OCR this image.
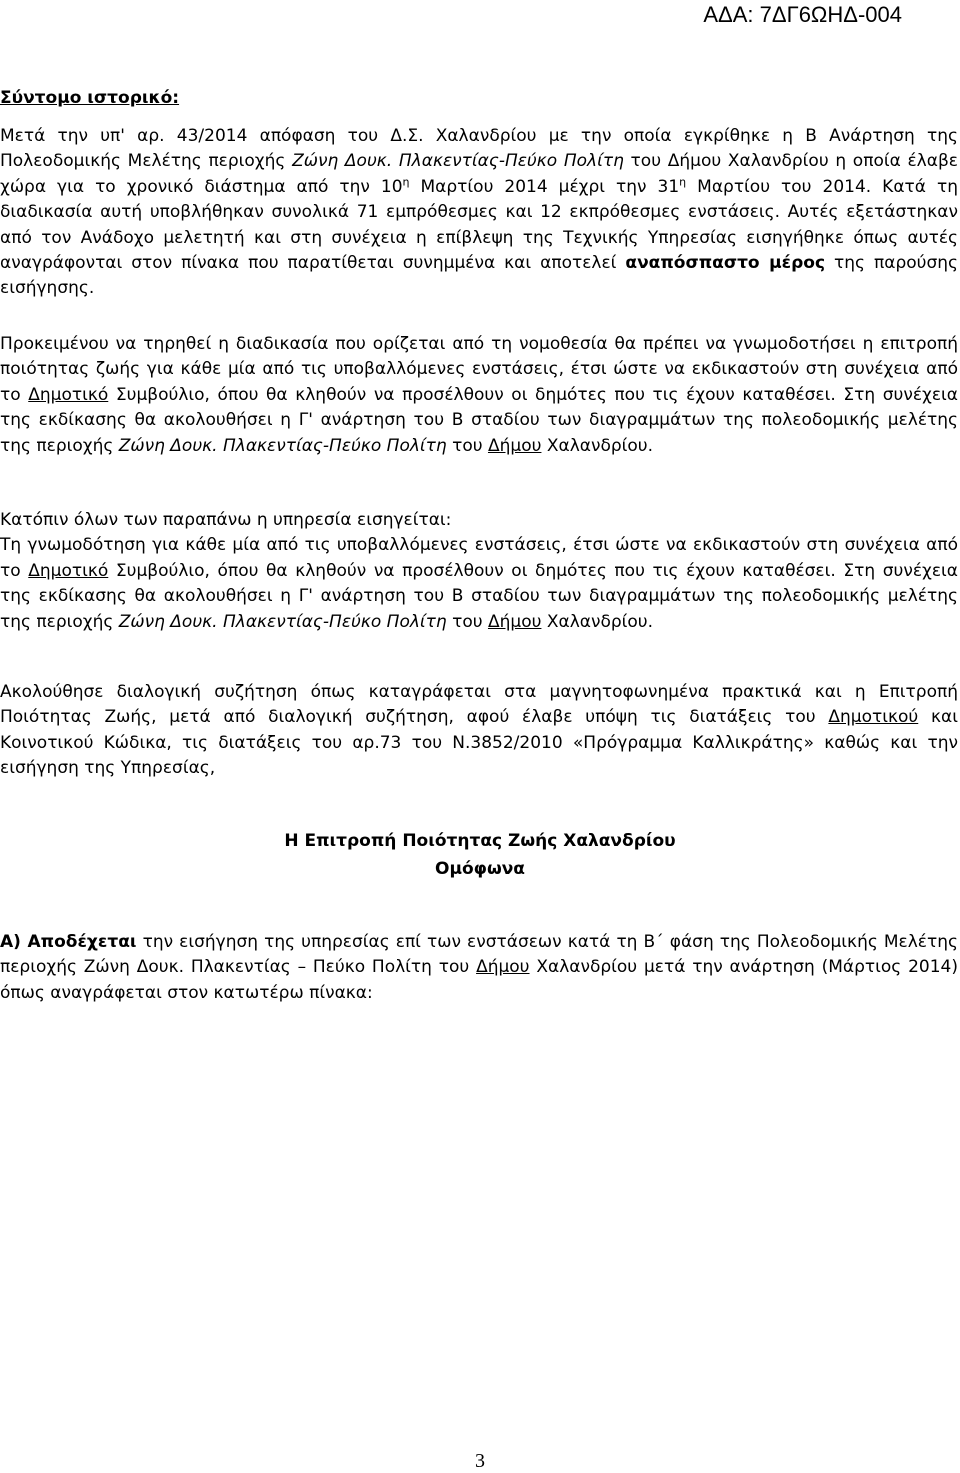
ΑΔΑ: 7ΔΓ6ΩΗΔ-004
Σύντομο ιστορικό:

Μετά την υπ' αρ. 43/2014 απόφαση του Δ.Σ. Χαλανδρίου με την οποία εγκρίθηκε η Β Ανάρτηση της Πολεοδομικής Μελέτης περιοχής Ζώνη Δουκ. Πλακεντίας-Πεύκο Πολίτη του Δήμου Χαλανδρίου η οποία έλαβε χώρα για το χρονικό διάστημα από την $10^\eta$ Μαρτίου 2014 μέχρι την $31^\eta$ Μαρτίου του 2014. Κατά τη διαδικασία αυτή υποβλήθηκαν συνολικά 71 εμπρόθεσμες και 12 εκπρόθεσμες ενστάσεις. Αυτές εξετάστηκαν από τον Ανάδοχο μελετητή και στη συνέχεια η επίβλεψη της Τεχνικής Υπηρεσίας εισηγήθηκε όπως αυτές αναγράφονται στον πίνακα που παρατίθεται συνημμένα και αποτελεί αναπόσπαστο μέρος της παρούσης εισήγησης.

Προκειμένου να τηρηθεί η διαδικασία που ορίζεται από τη νομοθεσία θα πρέπει να γνωμοδοτήσει η επιτροπή ποιότητας ζωής για κάθε μία από τις υποβαλλόμενες ενστάσεις, έτσι ώστε να εκδικαστούν στη συνέχεια από το Δημοτικό Συμβούλιο, όπου θα κληθούν να προσέλθουν οι δημότες που τις έχουν καταθέσει. Στη συνέχεια της εκδίκασης θα ακολουθήσει η Γ' ανάρτηση του Β σταδίου των διαγραμμάτων της πολεοδομικής μελέτης της περιοχής Ζώνη Δουκ. Πλακεντίας-Πεύκο Πολίτη του Δήμου Χαλανδρίου.

Κατόπιν όλων των παραπάνω η υπηρεσία εισηγείται:
Τη γνωμοδότηση για κάθε μία από τις υποβαλλόμενες ενστάσεις, έτσι ώστε να εκδικαστούν στη συνέχεια από το Δημοτικό Συμβούλιο, όπου θα κληθούν να προσέλθουν οι δημότες που τις έχουν καταθέσει. Στη συνέχεια της εκδίκασης θα ακολουθήσει η Γ' ανάρτηση του Β σταδίου των διαγραμμάτων της πολεοδομικής μελέτης της περιοχής Ζώνη Δουκ. Πλακεντίας-Πεύκο Πολίτη του Δήμου Χαλανδρίου.

Ακολούθησε διαλογική συζήτηση όπως καταγράφεται στα μαγνητοφωνημένα πρακτικά και η Επιτροπή Ποιότητας Ζωής, μετά από διαλογική συζήτηση, αφού έλαβε υπόψη τις διατάξεις του Δημοτικού και Κοινοτικού Κώδικα, τις διατάξεις του αρ.73 του Ν.3852/2010 «Πρόγραμμα Καλλικράτης» καθώς και την εισήγηση της Υπηρεσίας,

Η Επιτροπή Ποιότητας Ζωής Χαλανδρίου

Ομόφωνα

Α) Αποδέχεται την εισήγηση της υπηρεσίας επί των ενστάσεων κατά τη Β΄ φάση της Πολεοδομικής Μελέτης περιοχής Ζώνη Δουκ. Πλακεντίας – Πεύκο Πολίτη του Δήμου Χαλανδρίου μετά την ανάρτηση (Μάρτιος 2014) όπως αναγράφεται στον κατωτέρω πίνακα:

3
